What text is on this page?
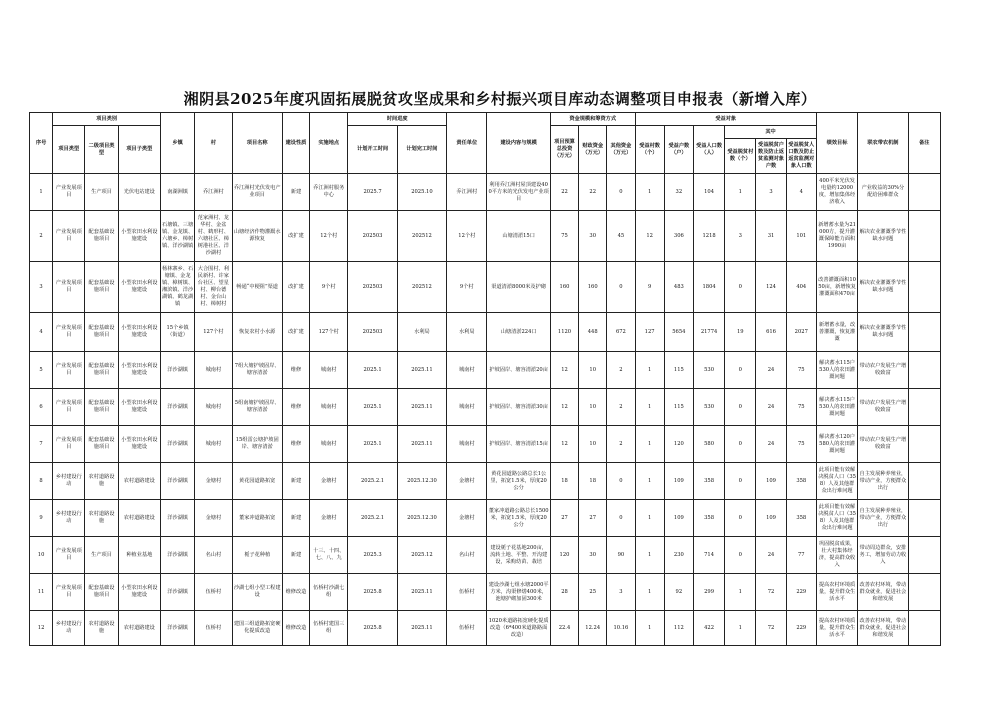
湘阴县2025年度巩固拓展脱贫攻坚成果和乡村振兴项目库动态调整项目申报表（新增入库）
序号	项目类别			乡镇	村	项目名称	建设性质	实施地点	时间进度		责任单位	建设内容与规模	资金规模和筹资方式			受益对象						绩效目标	联农带农机制	备注
	项目类型	二级项目类型	项目子类型						计划开工时间	计划完工时间			项目预算总投资（万元）	财政资金（万元）	其他资金（万元）	受益村数（个）	受益户数（户）	受益人口数（人）	其中					
																			受益脱贫村数（个）	受益脱贫户数及防止返贫监测对象户数	受益脱贫人口数及防止返贫监测对象人口数			
1	产业发展项目	生产项目	光伏电站建设	南湖洲镇	乔江洲村	乔江洲村光伏发电产业项目	新建	乔江洲村服务中心	2025.7	2025.10	乔江洲村	利用乔江洲村屋顶建设400平方米的光伏发电产业项目	22	22	0	1	32	104	1	3	4	400平米光伏发电量约12000度，增加集体经济收入	产业收益的30%分配给困难群众	
2	产业发展项目	配套基础设施项目	小型农田水利设施建设	石塘镇、三塘镇、金龙镇、六塘乡、樟树镇、洋沙湖镇	范家洲村、龙华村、金盆村、鹤形村、六塘社区、樟树港社区、洋沙湖村	山塘经济作物灌溉水源恢复	改扩建	12个村	202503	202512	12个村	山塘清淤15口	75	30	45	12	306	1218	3	31	101	新增蓄水量为21000方，提升灌溉保障能力面积1990亩	解决农业灌溉季节性缺水问题	
3	产业发展项目	配套基础设施项目	小型农田水利设施建设	杨林寨乡、石塘镇、金龙镇、樟树镇、湘滨镇、洋沙湖镇、鹤龙湖镇	大合围村、利民新村、许家台社区、望星村、柳台德村、金台山村、樟树村	畅通“中梗阻”渠道	改扩建	9个村	202503	202512	9个村	渠道清淤8000米及护砌	160	160	0	9	483	1804	0	124	404	改善灌溉面积1050亩，新增恢复灌溉面积470亩	解决农业灌溉季节性缺水问题	
4	产业发展项目	配套基础设施项目	小型农田水利设施建设	15个乡镇（街道）	127个村	恢复农村小水源	改扩建	127个村	202503	水利局	水利局	山塘清淤224口	1120	448	672	127	5654	21774	19	616	2027	新增蓄水量，改善灌溉，恢复灌溉	解决农业灌溉季节性缺水问题	
5	产业发展项目	配套基础设施项目	小型农田水利设施建设	洋沙湖镇	城南村	7组大塘护坡固岸、塘容清淤	维修	城南村	2025.1	2025.11	城南村	护坡固岸、塘容清淤20亩	12	10	2	1	115	530	0	24	75	解决蓄水115户530人的农田灌溉问题	带动农户发展生产增收致富	
6	产业发展项目	配套基础设施项目	小型农田水利设施建设	洋沙湖镇	城南村	5组南塘护坡固岸、塘容清淤	维修	城南村	2025.1	2025.11	城南村	护坡固岸、塘容清淤30亩	12	10	2	1	115	530	0	24	75	解决蓄水115户530人的农田灌溉问题	带动农户发展生产增收致富	
7	产业发展项目	配套基础设施项目	小型农田水利设施建设	洋沙湖镇	城南村	15组雷公塘护坡固岸、塘容清淤	维修	城南村	2025.1	2025.11	城南村	护坡固岸、塘容清淤15亩	12	10	2	1	120	580	0	24	75	解决蓄水120户580人的农田灌溉问题	带动农户发展生产增收致富	
8	乡村建设行动	农村道路设施	农村道路建设	洋沙湖镇	金塘村	黄花园道路拓宽	新建	金塘村	2025.2.1	2025.12.30	金塘村	黄花园道路公路总长1公里，拓宽1.5米，厚度20公分	18	18	0	1	109	358	0	109	358	此项目能有效解决脱贫人口（358）人及其他群众出行难问题	自主发展种养殖业，带动产业，方便群众出行	
9	乡村建设行动	农村道路设施	农村道路建设	洋沙湖镇	金塘村	董家冲道路拓宽	新建	金塘村	2025.2.1	2025.12.30	金塘村	董家冲道路公路总长1500米，拓宽1.5米，厚度20公分	27	27	0	1	109	358	0	109	358	此项目能有效解决脱贫人口（358）人及其他群众出行难问题	自主发展种养殖业，带动产业，方便群众出行	
10	产业发展项目	生产项目	种植业基地	洋沙湖镇	名山村	栀子花种植	新建	十三、十四、七、八、九	2025.3	2025.12	名山村	建设栀子花基地200亩，流转土地、平整、开沟建设，采购幼苗、栽培	120	30	90	1	230	714	0	24	77	巩固脱贫成果，壮大村集体经济，提高群众收入	带动周边群众，安排务工，增加劳动力收入	
11	产业发展项目	配套基础设施项目	小型农田水利设施建设	洋沙湖镇	伍桥村	沙湖七组小型工程建设	维修改造	伍桥村沙湖七组	2025.8	2025.11	伍桥村	建设沙湖七组水塘2000平方米，沟渠修缮400米，池塘护砌加固300米	28	25	3	1	92	299	1	72	229	提高农村环境质量，提升群众生活水平	改善农村环境，带动群众就业，促进社会和谐发展	
12	乡村建设行动	农村道路设施	农村道路建设	洋沙湖镇	伍桥村	建国三组道路拓宽硬化提质改造	维修改造	伍桥村建国三组	2025.8	2025.11	伍桥村	1020米道路拓宽硬化提质改造（6*400米道路路面改造）	22.4	12.24	10.16	1	112	422	1	72	229	提高农村环境质量，提升群众生活水平	改善农村环境，带动群众就业，促进社会和谐发展	
